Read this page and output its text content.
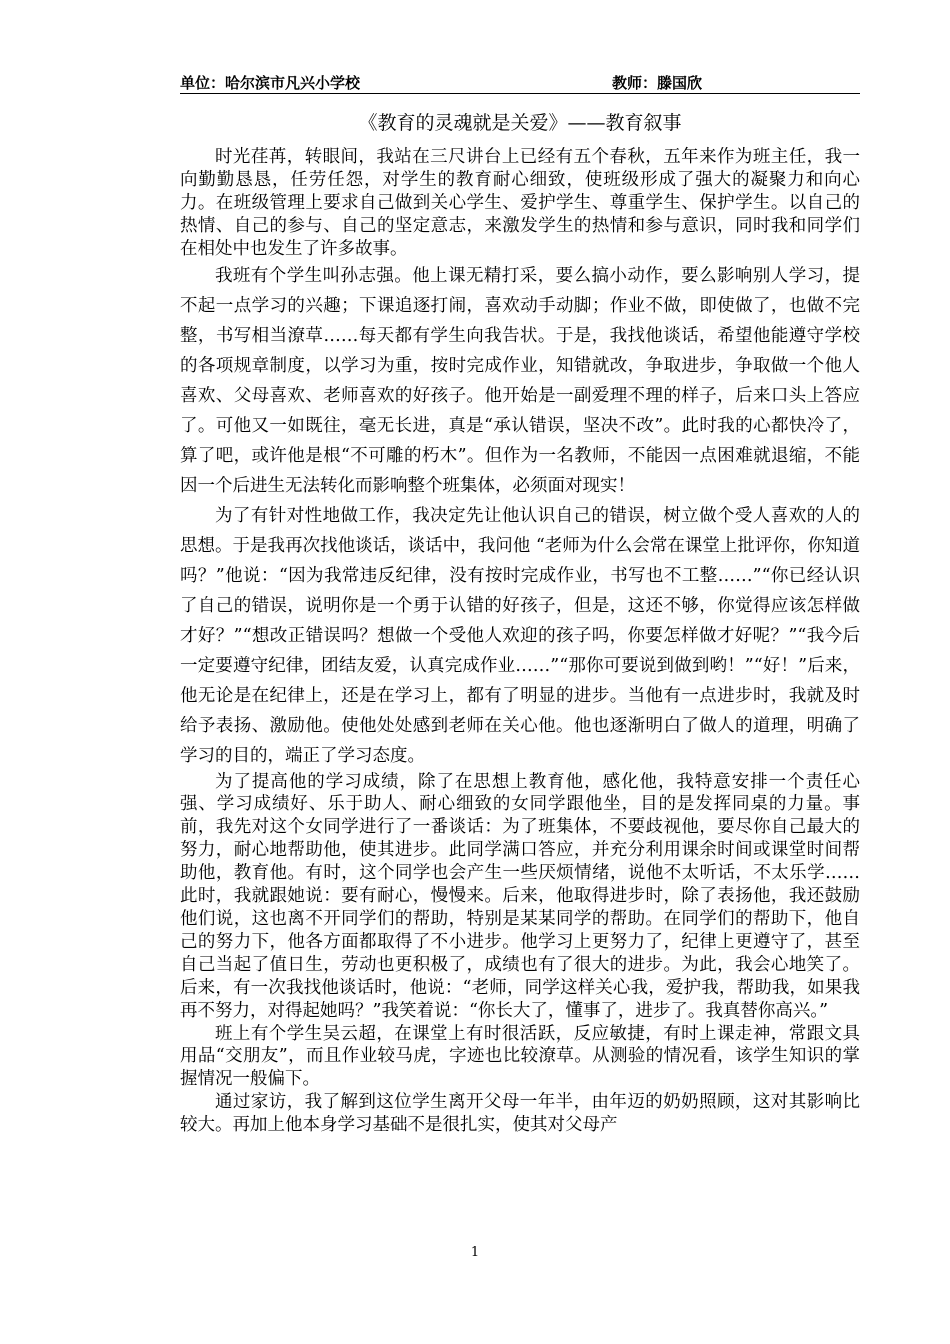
单位：哈尔滨市凡兴小学校	教师：滕国欣
《教育的灵魂就是关爱》——教育叙事

时光荏苒，转眼间，我站在三尺讲台上已经有五个春秋，五年来作为班主任，我一向勤勤恳恳，任劳任怨，对学生的教育耐心细致，使班级形成了强大的凝聚力和向心力。在班级管理上要求自己做到关心学生、爱护学生、尊重学生、保护学生。以自己的热情、自己的参与、自己的坚定意志，来激发学生的热情和参与意识，同时我和同学们在相处中也发生了许多故事。

我班有个学生叫孙志强。他上课无精打采，要么搞小动作，要么影响别人学习，提不起一点学习的兴趣；下课追逐打闹，喜欢动手动脚；作业不做，即使做了，也做不完整，书写相当潦草……每天都有学生向我告状。于是，我找他谈话，希望他能遵守学校的各项规章制度，以学习为重，按时完成作业，知错就改，争取进步，争取做一个他人喜欢、父母喜欢、老师喜欢的好孩子。他开始是一副爱理不理的样子，后来口头上答应了。可他又一如既往，毫无长进，真是“承认错误，坚决不改”。此时我的心都快冷了，算了吧，或许他是根“不可雕的朽木”。但作为一名教师，不能因一点困难就退缩，不能因一个后进生无法转化而影响整个班集体，必须面对现实！

为了有针对性地做工作，我决定先让他认识自己的错误，树立做个受人喜欢的人的思想。于是我再次找他谈话，谈话中，我问他 “老师为什么会常在课堂上批评你，你知道吗？”他说：“因为我常违反纪律，没有按时完成作业，书写也不工整……”“你已经认识了自己的错误，说明你是一个勇于认错的好孩子，但是，这还不够，你觉得应该怎样做才好？”“想改正错误吗？想做一个受他人欢迎的孩子吗，你要怎样做才好呢？”“我今后一定要遵守纪律，团结友爱，认真完成作业……”“那你可要说到做到哟！”“好！”后来，他无论是在纪律上，还是在学习上，都有了明显的进步。当他有一点进步时，我就及时给予表扬、激励他。使他处处感到老师在关心他。他也逐渐明白了做人的道理，明确了学习的目的，端正了学习态度。

为了提高他的学习成绩，除了在思想上教育他，感化他，我特意安排一个责任心强、学习成绩好、乐于助人、耐心细致的女同学跟他坐，目的是发挥同桌的力量。事前，我先对这个女同学进行了一番谈话：为了班集体，不要歧视他，要尽你自己最大的努力，耐心地帮助他，使其进步。此同学满口答应，并充分利用课余时间或课堂时间帮助他，教育他。有时，这个同学也会产生一些厌烦情绪，说他不太听话，不太乐学……此时，我就跟她说：要有耐心，慢慢来。后来，他取得进步时，除了表扬他，我还鼓励他们说，这也离不开同学们的帮助，特别是某某同学的帮助。在同学们的帮助下，他自己的努力下，他各方面都取得了不小进步。他学习上更努力了，纪律上更遵守了，甚至自己当起了值日生，劳动也更积极了，成绩也有了很大的进步。为此，我会心地笑了。后来，有一次我找他谈话时，他说：“老师，同学这样关心我，爱护我，帮助我，如果我再不努力，对得起她吗？”我笑着说：“你长大了，懂事了，进步了。我真替你高兴。”

班上有个学生吴云超，在课堂上有时很活跃，反应敏捷，有时上课走神，常跟文具用品“交朋友”，而且作业较马虎，字迹也比较潦草。从测验的情况看，该学生知识的掌握情况一般偏下。

通过家访，我了解到这位学生离开父母一年半，由年迈的奶奶照顾，这对其影响比较大。再加上他本身学习基础不是很扎实，使其对父母产

1
